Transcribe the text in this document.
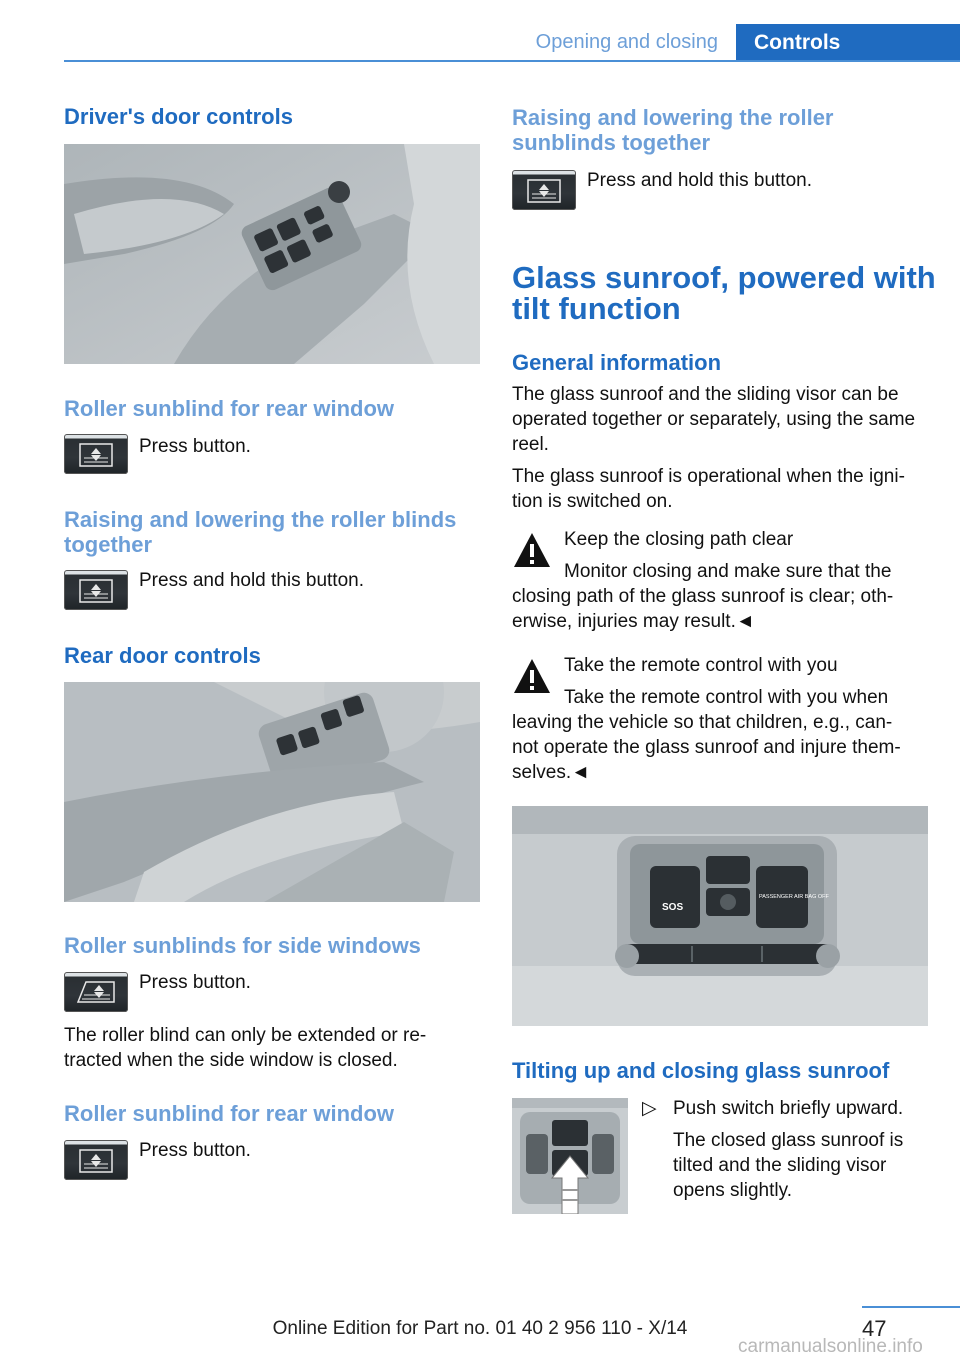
Opening and closing	Controls
Driver's door controls
Roller sunblind for rear window

Press button.

Raising and lowering the roller blinds together

Press and hold this button.

Rear door controls
Roller sunblinds for side windows

Press button.

The roller blind can only be extended or re-
tracted when the side window is closed.

Roller sunblind for rear window

Press button.

Raising and lowering the roller sunblinds together

Press and hold this button.

Glass sunroof, powered with tilt function
General information

The glass sunroof and the sliding visor can be operated together or separately, using the same reel.

The glass sunroof is operational when the igni-
tion is switched on.

Keep the closing path clear

Monitor closing and make sure that the closing path of the glass sunroof is clear; oth-
erwise, injuries may result.◄

Take the remote control with you

Take the remote control with you when leaving the vehicle so that children, e.g., can-
not operate the glass sunroof and injure them-
selves.◄

SOS
PASSENGER AIR BAG OFF
Tilting up and closing glass sunroof
▷ Push switch briefly upward.

The closed glass sunroof is tilted and the sliding visor opens slightly.

47
Online Edition for Part no. 01 40 2 956 110 - X/14
carmanualsonline.info
